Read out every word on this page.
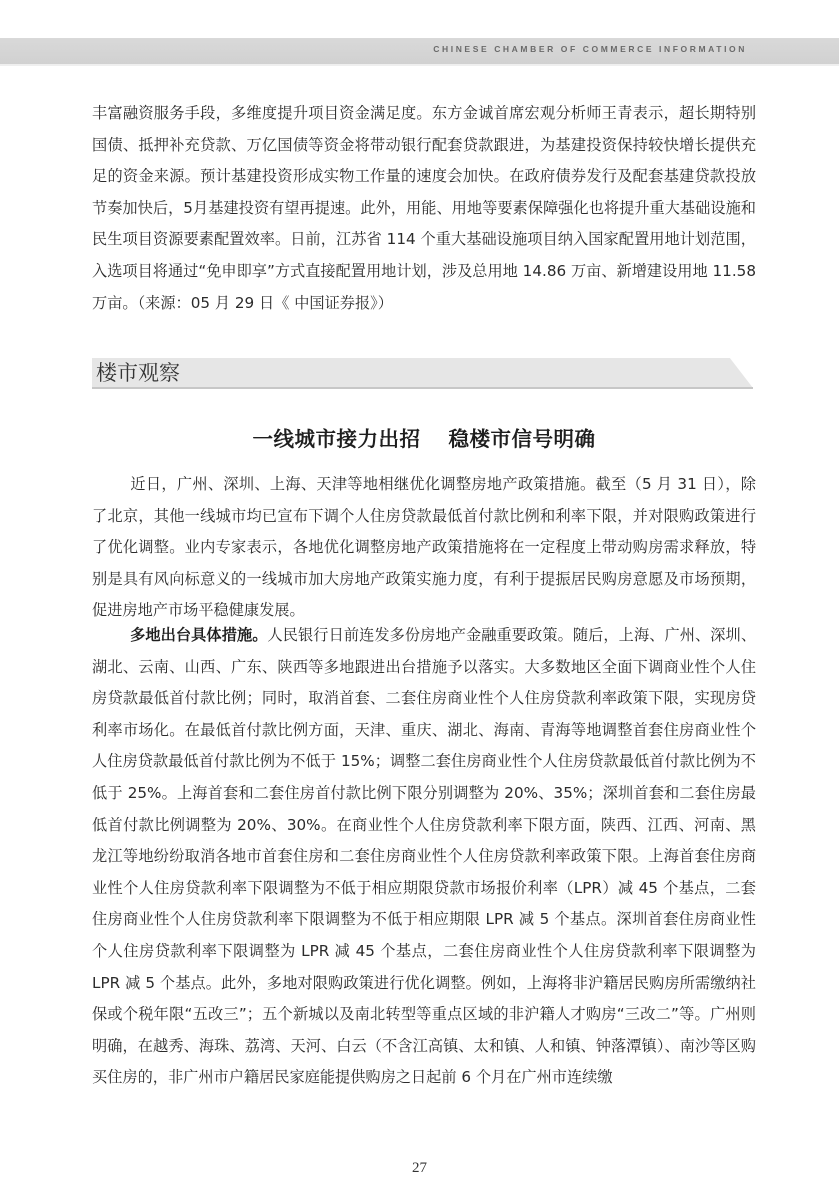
CHINESE CHAMBER OF COMMERCE INFORMATION

丰富融资服务手段，多维度提升项目资金满足度。东方金诚首席宏观分析师王青表示，超长期特别国债、抵押补充贷款、万亿国债等资金将带动银行配套贷款跟进，为基建投资保持较快增长提供充足的资金来源。预计基建投资形成实物工作量的速度会加快。在政府债券发行及配套基建贷款投放节奏加快后，5月基建投资有望再提速。此外，用能、用地等要素保障强化也将提升重大基础设施和民生项目资源要素配置效率。日前，江苏省 114 个重大基础设施项目纳入国家配置用地计划范围，入选项目将通过“免申即享”方式直接配置用地计划，涉及总用地 14.86 万亩、新增建设用地 11.58 万亩。（来源：05 月 29 日《 中国证券报》）

楼市观察
一线城市接力出招 稳楼市信号明确

近日，广州、深圳、上海、天津等地相继优化调整房地产政策措施。截至（5 月 31 日），除了北京，其他一线城市均已宣布下调个人住房贷款最低首付款比例和利率下限，并对限购政策进行了优化调整。业内专家表示，各地优化调整房地产政策措施将在一定程度上带动购房需求释放，特别是具有风向标意义的一线城市加大房地产政策实施力度，有利于提振居民购房意愿及市场预期，促进房地产市场平稳健康发展。

多地出台具体措施。人民银行日前连发多份房地产金融重要政策。随后，上海、广州、深圳、湖北、云南、山西、广东、陕西等多地跟进出台措施予以落实。大多数地区全面下调商业性个人住房贷款最低首付款比例；同时，取消首套、二套住房商业性个人住房贷款利率政策下限，实现房贷利率市场化。在最低首付款比例方面，天津、重庆、湖北、海南、青海等地调整首套住房商业性个人住房贷款最低首付款比例为不低于 15%；调整二套住房商业性个人住房贷款最低首付款比例为不低于 25%。上海首套和二套住房首付款比例下限分别调整为 20%、35%；深圳首套和二套住房最低首付款比例调整为 20%、30%。在商业性个人住房贷款利率下限方面，陕西、江西、河南、黑龙江等地纷纷取消各地市首套住房和二套住房商业性个人住房贷款利率政策下限。上海首套住房商业性个人住房贷款利率下限调整为不低于相应期限贷款市场报价利率（LPR）减 45 个基点，二套住房商业性个人住房贷款利率下限调整为不低于相应期限 LPR 减 5 个基点。深圳首套住房商业性个人住房贷款利率下限调整为 LPR 减 45 个基点，二套住房商业性个人住房贷款利率下限调整为 LPR 减 5 个基点。此外，多地对限购政策进行优化调整。例如，上海将非沪籍居民购房所需缴纳社保或个税年限“五改三”；五个新城以及南北转型等重点区域的非沪籍人才购房“三改二”等。广州则明确，在越秀、海珠、荔湾、天河、白云（不含江高镇、太和镇、人和镇、钟落潭镇）、南沙等区购买住房的，非广州市户籍居民家庭能提供购房之日起前 6 个月在广州市连续缴

27
